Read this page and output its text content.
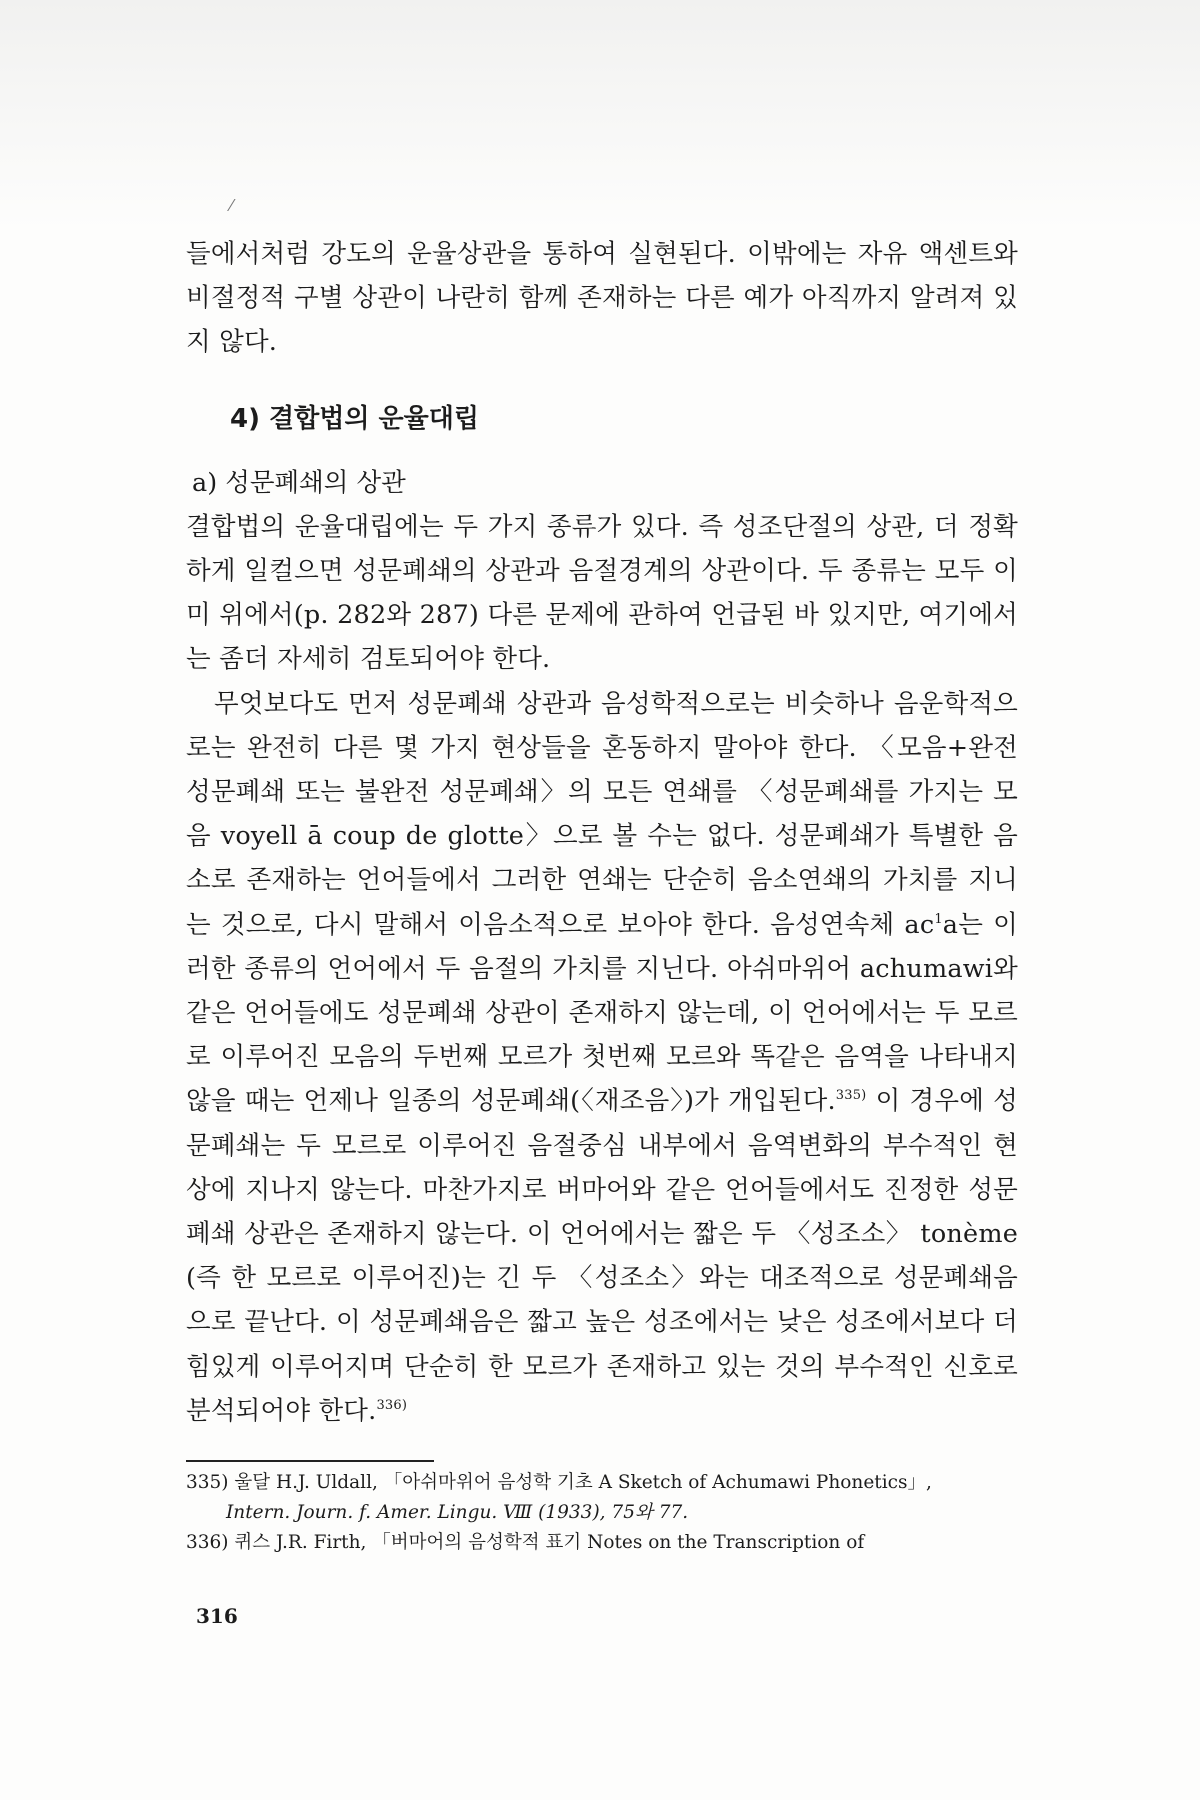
⁄

들에서처럼 강도의 운율상관을 통하여 실현된다. 이밖에는 자유 액센트와 비절정적 구별 상관이 나란히 함께 존재하는 다른 예가 아직까지 알려져 있지 않다.

4) 결합법의 운율대립

a) 성문폐쇄의 상관

결합법의 운율대립에는 두 가지 종류가 있다. 즉 성조단절의 상관, 더 정확하게 일컬으면 성문폐쇄의 상관과 음절경계의 상관이다. 두 종류는 모두 이미 위에서(p. 282와 287) 다른 문제에 관하여 언급된 바 있지만, 여기에서는 좀더 자세히 검토되어야 한다.

무엇보다도 먼저 성문폐쇄 상관과 음성학적으로는 비슷하나 음운학적으로는 완전히 다른 몇 가지 현상들을 혼동하지 말아야 한다. 〈모음+완전 성문폐쇄 또는 불완전 성문폐쇄〉의 모든 연쇄를 〈성문폐쇄를 가지는 모음 voyell ā coup de glotte〉으로 볼 수는 없다. 성문폐쇄가 특별한 음소로 존재하는 언어들에서 그러한 연쇄는 단순히 음소연쇄의 가치를 지니는 것으로, 다시 말해서 이음소적으로 보아야 한다. 음성연속체 $ac^1a$는 이러한 종류의 언어에서 두 음절의 가치를 지닌다. 아쉬마위어 achumawi와 같은 언어들에도 성문폐쇄 상관이 존재하지 않는데, 이 언어에서는 두 모르로 이루어진 모음의 두번째 모르가 첫번째 모르와 똑같은 음역을 나타내지 않을 때는 언제나 일종의 성문폐쇄(〈재조음〉)가 개입된다.$^{335)}$ 이 경우에 성문폐쇄는 두 모르로 이루어진 음절중심 내부에서 음역변화의 부수적인 현상에 지나지 않는다. 마찬가지로 버마어와 같은 언어들에서도 진정한 성문폐쇄 상관은 존재하지 않는다. 이 언어에서는 짧은 두 〈성조소〉 tonème (즉 한 모르로 이루어진)는 긴 두 〈성조소〉와는 대조적으로 성문폐쇄음으로 끝난다. 이 성문폐쇄음은 짧고 높은 성조에서는 낮은 성조에서보다 더 힘있게 이루어지며 단순히 한 모르가 존재하고 있는 것의 부수적인 신호로 분석되어야 한다.$^{336)}$

335) 울달 H.J. Uldall, 「아쉬마위어 음성학 기초 A Sketch of Achumawi Phonetics」,

Intern. Journ. f. Amer. Lingu. Ⅷ (1933), 75와 77.

336) 퀴스 J.R. Firth, 「버마어의 음성학적 표기 Notes on the Transcription of

316
